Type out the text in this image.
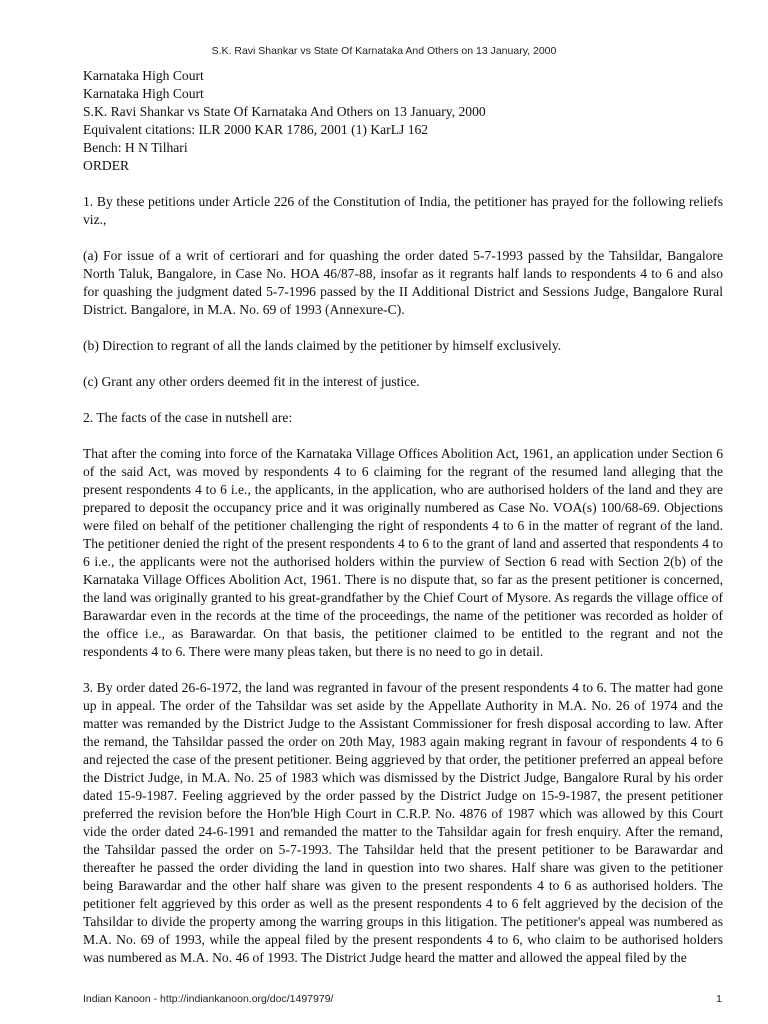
S.K. Ravi Shankar vs State Of Karnataka And Others on 13 January, 2000
Karnataka High Court
Karnataka High Court
S.K. Ravi Shankar vs State Of Karnataka And Others on 13 January, 2000
Equivalent citations: ILR 2000 KAR 1786, 2001 (1) KarLJ 162
Bench: H N Tilhari
ORDER

1. By these petitions under Article 226 of the Constitution of India, the petitioner has prayed for the following reliefs viz.,

(a) For issue of a writ of certiorari and for quashing the order dated 5-7-1993 passed by the Tahsildar, Bangalore North Taluk, Bangalore, in Case No. HOA 46/87-88, insofar as it regrants half lands to respondents 4 to 6 and also for quashing the judgment dated 5-7-1996 passed by the II Additional District and Sessions Judge, Bangalore Rural District. Bangalore, in M.A. No. 69 of 1993 (Annexure-C).

(b) Direction to regrant of all the lands claimed by the petitioner by himself exclusively.

(c) Grant any other orders deemed fit in the interest of justice.

2. The facts of the case in nutshell are:

That after the coming into force of the Karnataka Village Offices Abolition Act, 1961, an application under Section 6 of the said Act, was moved by respondents 4 to 6 claiming for the regrant of the resumed land alleging that the present respondents 4 to 6 i.e., the applicants, in the application, who are authorised holders of the land and they are prepared to deposit the occupancy price and it was originally numbered as Case No. VOA(s) 100/68-69. Objections were filed on behalf of the petitioner challenging the right of respondents 4 to 6 in the matter of regrant of the land. The petitioner denied the right of the present respondents 4 to 6 to the grant of land and asserted that respondents 4 to 6 i.e., the applicants were not the authorised holders within the purview of Section 6 read with Section 2(b) of the Karnataka Village Offices Abolition Act, 1961. There is no dispute that, so far as the present petitioner is concerned, the land was originally granted to his great-grandfather by the Chief Court of Mysore. As regards the village office of Barawardar even in the records at the time of the proceedings, the name of the petitioner was recorded as holder of the office i.e., as Barawardar. On that basis, the petitioner claimed to be entitled to the regrant and not the respondents 4 to 6. There were many pleas taken, but there is no need to go in detail.

3. By order dated 26-6-1972, the land was regranted in favour of the present respondents 4 to 6. The matter had gone up in appeal. The order of the Tahsildar was set aside by the Appellate Authority in M.A. No. 26 of 1974 and the matter was remanded by the District Judge to the Assistant Commissioner for fresh disposal according to law. After the remand, the Tahsildar passed the order on 20th May, 1983 again making regrant in favour of respondents 4 to 6 and rejected the case of the present petitioner. Being aggrieved by that order, the petitioner preferred an appeal before the District Judge, in M.A. No. 25 of 1983 which was dismissed by the District Judge, Bangalore Rural by his order dated 15-9-1987. Feeling aggrieved by the order passed by the District Judge on 15-9-1987, the present petitioner preferred the revision before the Hon'ble High Court in C.R.P. No. 4876 of 1987 which was allowed by this Court vide the order dated 24-6-1991 and remanded the matter to the Tahsildar again for fresh enquiry. After the remand, the Tahsildar passed the order on 5-7-1993. The Tahsildar held that the present petitioner to be Barawardar and thereafter he passed the order dividing the land in question into two shares. Half share was given to the petitioner being Barawardar and the other half share was given to the present respondents 4 to 6 as authorised holders. The petitioner felt aggrieved by this order as well as the present respondents 4 to 6 felt aggrieved by the decision of the Tahsildar to divide the property among the warring groups in this litigation. The petitioner's appeal was numbered as M.A. No. 69 of 1993, while the appeal filed by the present respondents 4 to 6, who claim to be authorised holders was numbered as M.A. No. 46 of 1993. The District Judge heard the matter and allowed the appeal filed by the

Indian Kanoon - http://indiankanoon.org/doc/1497979/	1
